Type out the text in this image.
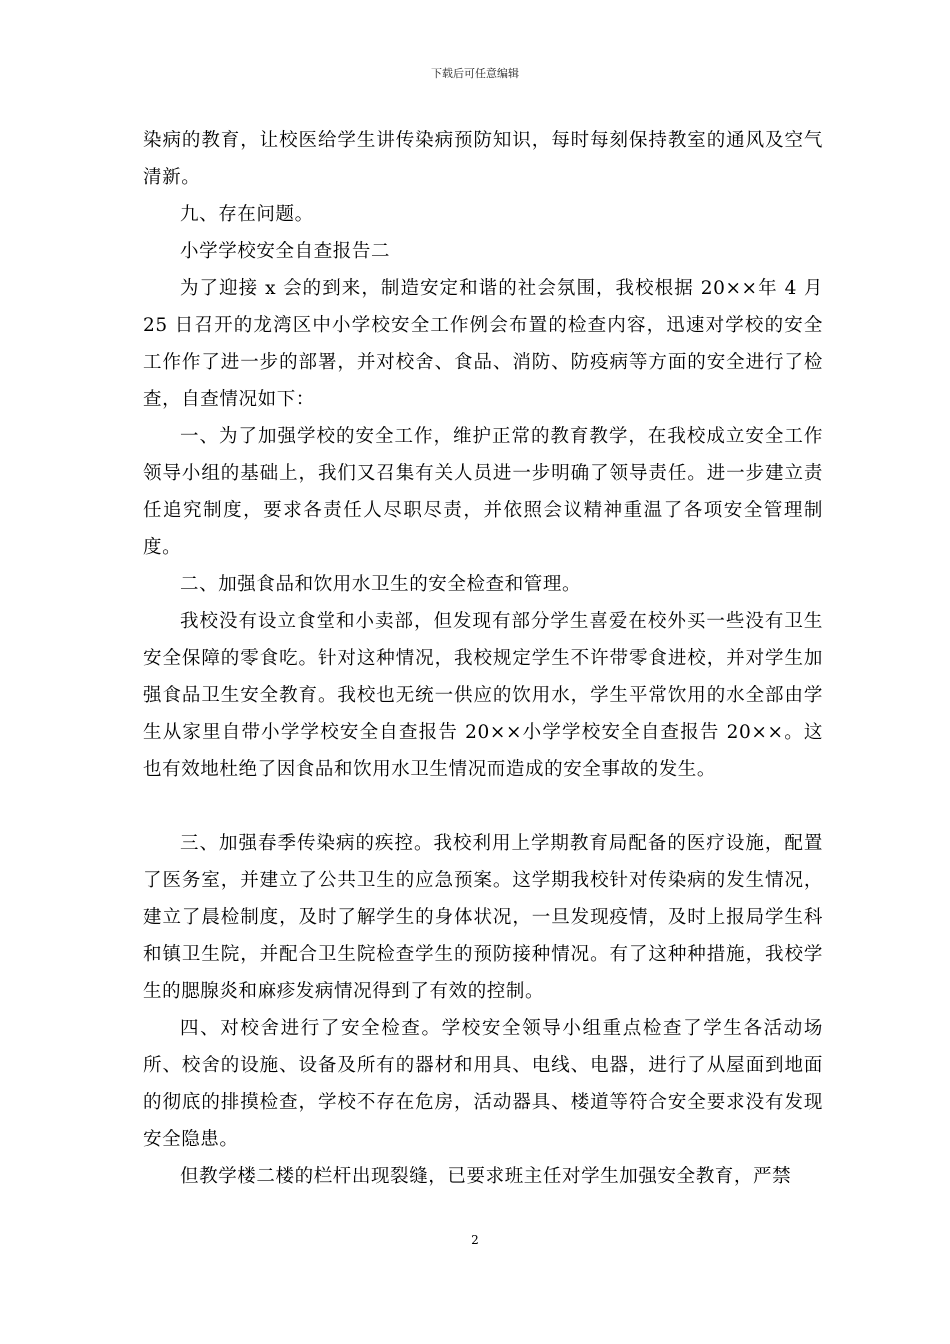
下载后可任意编辑

染病的教育，让校医给学生讲传染病预防知识，每时每刻保持教室的通风及空气清新。

九、存在问题。

小学学校安全自查报告二

为了迎接 x 会的到来，制造安定和谐的社会氛围，我校根据 20××年 4 月 25 日召开的龙湾区中小学校安全工作例会布置的检查内容，迅速对学校的安全工作作了进一步的部署，并对校舍、食品、消防、防疫病等方面的安全进行了检查，自查情况如下：

一、为了加强学校的安全工作，维护正常的教育教学，在我校成立安全工作领导小组的基础上，我们又召集有关人员进一步明确了领导责任。进一步建立责任追究制度，要求各责任人尽职尽责，并依照会议精神重温了各项安全管理制度。

二、加强食品和饮用水卫生的安全检查和管理。

我校没有设立食堂和小卖部，但发现有部分学生喜爱在校外买一些没有卫生安全保障的零食吃。针对这种情况，我校规定学生不许带零食进校，并对学生加强食品卫生安全教育。我校也无统一供应的饮用水，学生平常饮用的水全部由学生从家里自带小学学校安全自查报告 20××小学学校安全自查报告 20××。这也有效地杜绝了因食品和饮用水卫生情况而造成的安全事故的发生。

三、加强春季传染病的疾控。我校利用上学期教育局配备的医疗设施，配置了医务室，并建立了公共卫生的应急预案。这学期我校针对传染病的发生情况，建立了晨检制度，及时了解学生的身体状况，一旦发现疫情，及时上报局学生科和镇卫生院，并配合卫生院检查学生的预防接种情况。有了这种种措施，我校学生的腮腺炎和麻疹发病情况得到了有效的控制。

四、对校舍进行了安全检查。学校安全领导小组重点检查了学生各活动场所、校舍的设施、设备及所有的器材和用具、电线、电器，进行了从屋面到地面的彻底的排摸检查，学校不存在危房，活动器具、楼道等符合安全要求没有发现安全隐患。

但教学楼二楼的栏杆出现裂缝，已要求班主任对学生加强安全教育，严禁

2
